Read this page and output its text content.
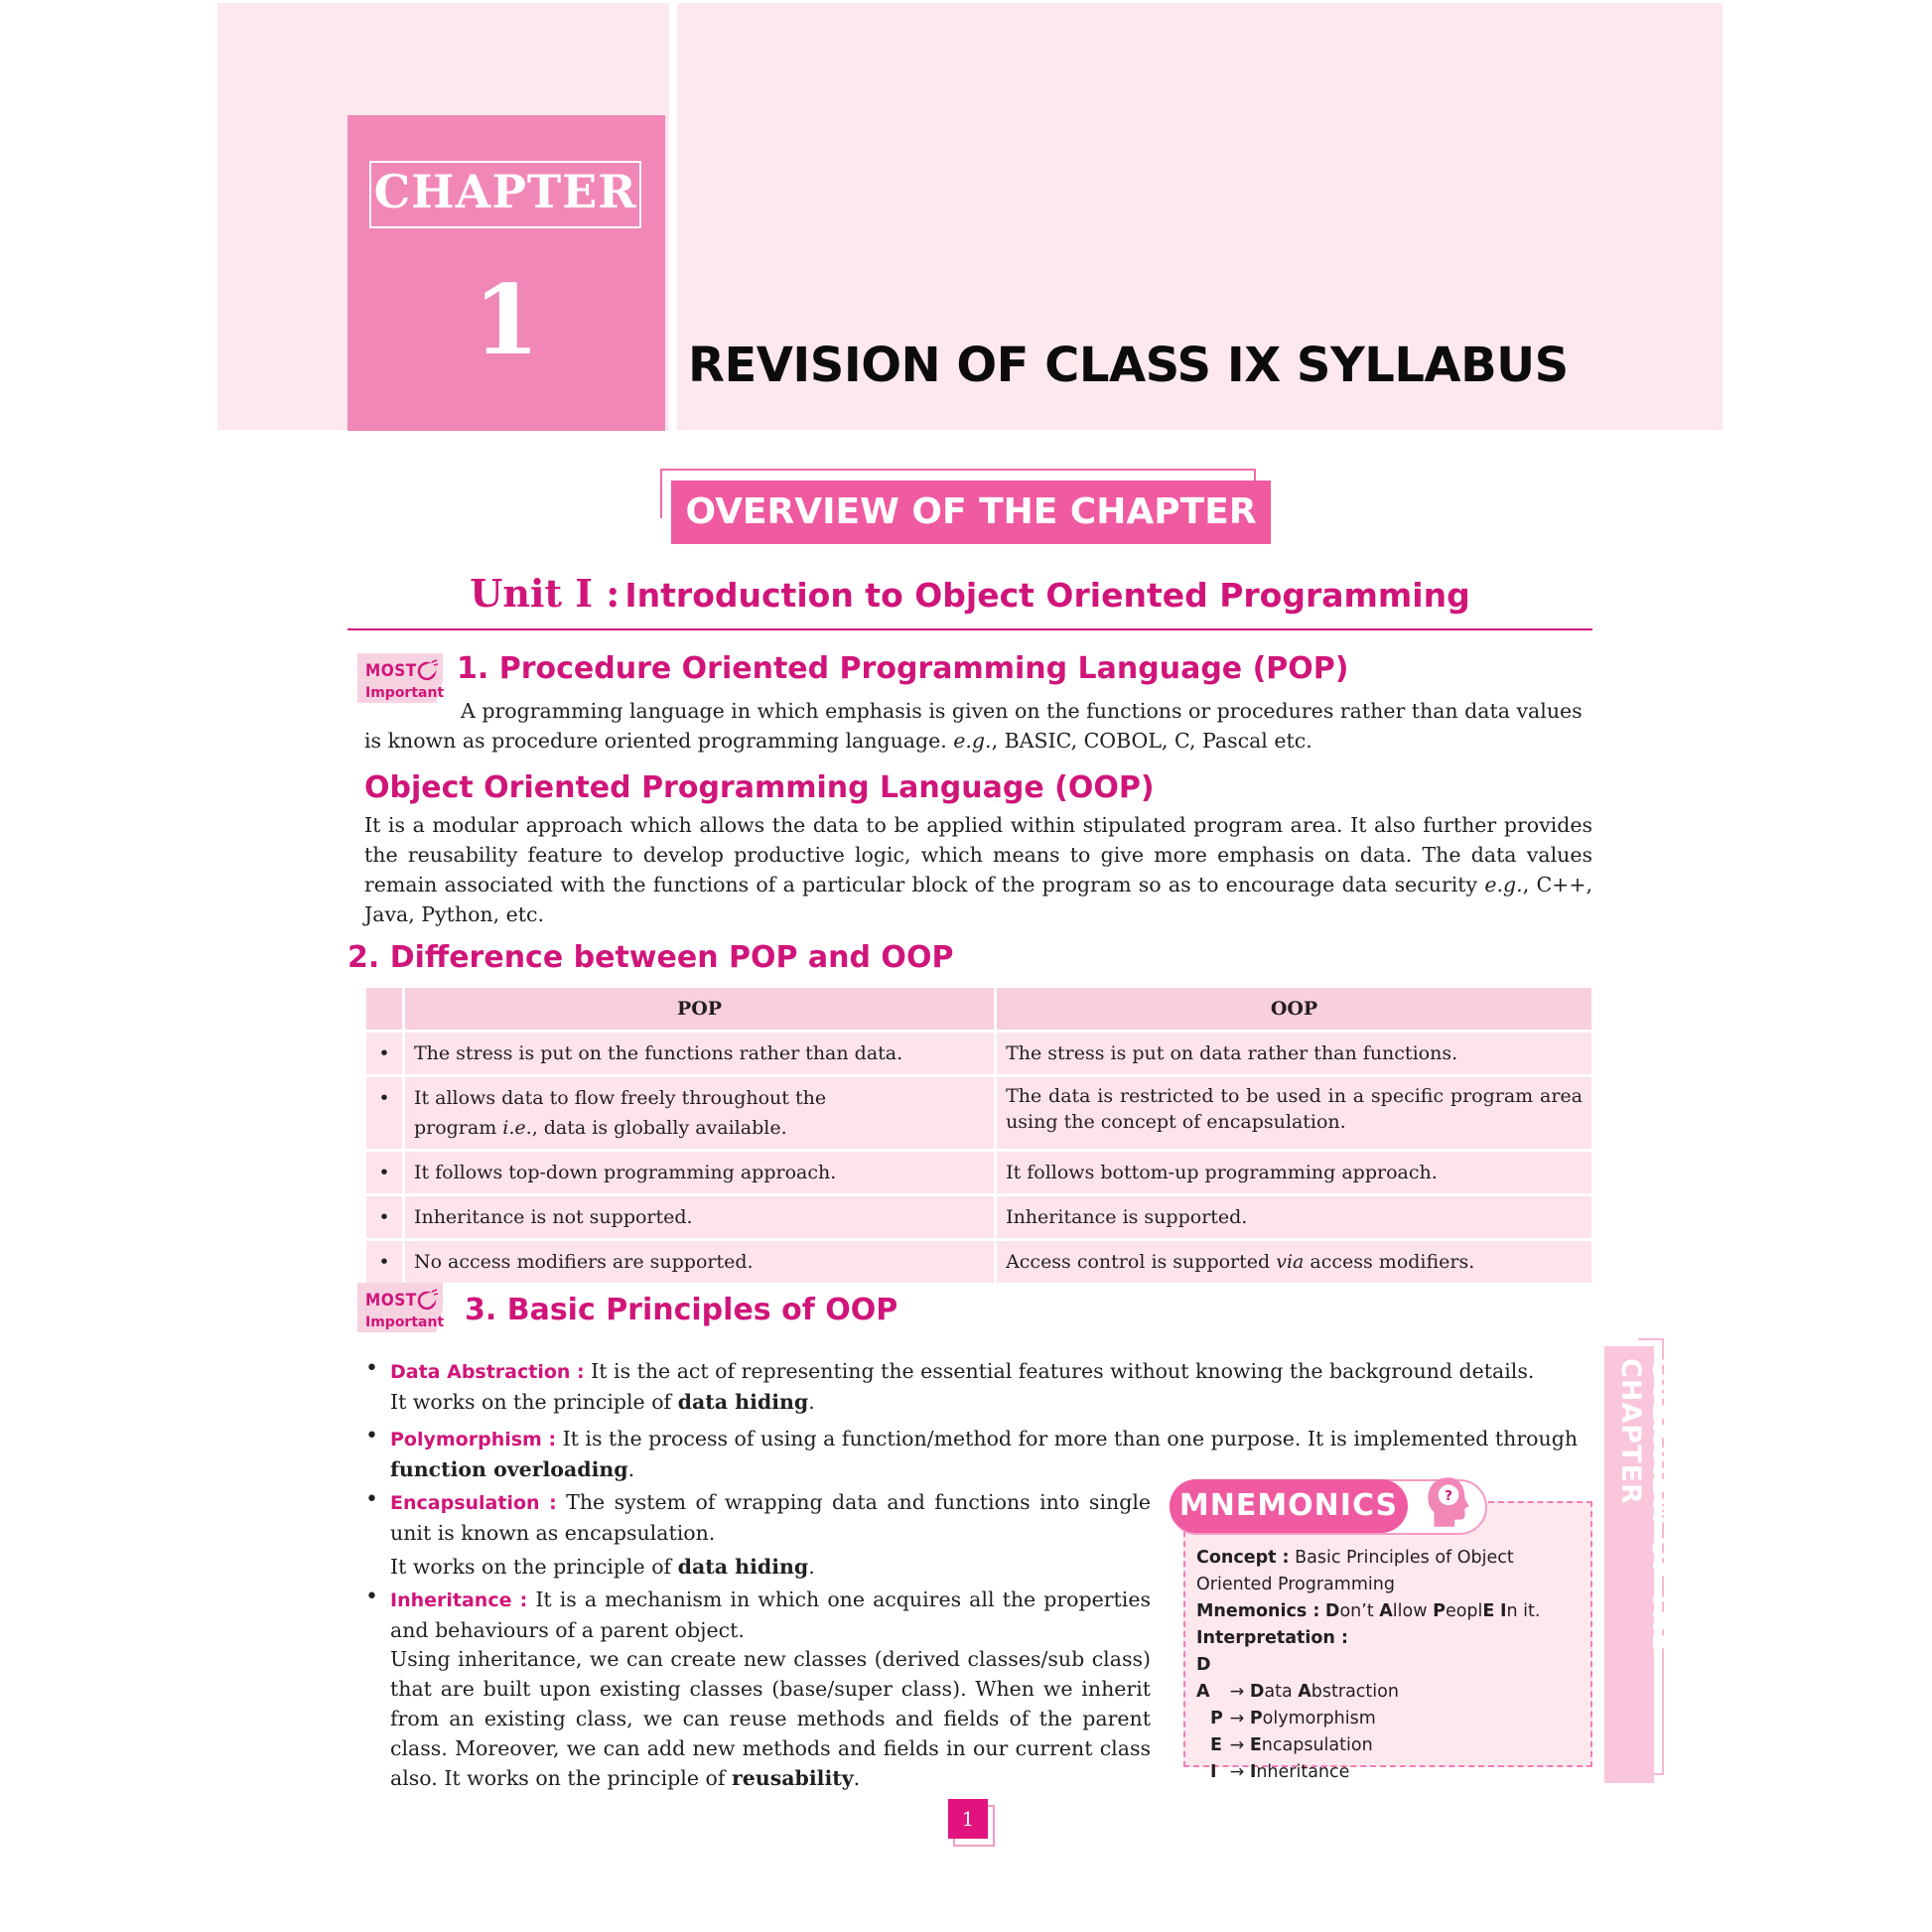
CHAPTER
1	REVISION OF CLASS IX SYLLABUS
OVERVIEW OF THE CHAPTER
Unit I : Introduction to Object Oriented Programming
MOST
Important
1. Procedure Oriented Programming Language (POP)
A programming language in which emphasis is given on the functions or procedures rather than data values
is known as procedure oriented programming language. e.g., BASIC, COBOL, C, Pascal etc.
Object Oriented Programming Language (OOP)
It is a modular approach which allows the data to be applied within stipulated program area. It also further provides the reusability feature to develop productive logic, which means to give more emphasis on data. The data values remain associated with the functions of a particular block of the program so as to encourage data security e.g., C++, Java, Python, etc.
2. Difference between POP and OOP
	POP	OOP
•	The stress is put on the functions rather than data.	The stress is put on data rather than functions.
•	It allows data to flow freely throughout the program i.e., data is globally available.	The data is restricted to be used in a specific program area using the concept of encapsulation.
•	It follows top-down programming approach.	It follows bottom-up programming approach.
•	Inheritance is not supported.	Inheritance is supported.
•	No access modifiers are supported.	Access control is supported via access modifiers.
MOST
Important 3. Basic Principles of OOP
• Data Abstraction : It is the act of representing the essential features without knowing the background details.
It works on the principle of data hiding.
• Polymorphism : It is the process of using a function/method for more than one purpose. It is implemented through
function overloading.
• Encapsulation : The system of wrapping data and functions into single unit is known as encapsulation.
It works on the principle of data hiding.
• Inheritance : It is a mechanism in which one acquires all the properties and behaviours of a parent object.
Using inheritance, we can create new classes (derived classes/sub class) that are built upon existing classes (base/super class). When we inherit from an existing class, we can reuse methods and fields of the parent class. Moreover, we can add new methods and fields in our current class also. It works on the principle of reusability.
MNEMONICS	?
Concept : Basic Principles of Object Oriented Programming
Mnemonics : Don’t Allow PeoplE In it.
Interpretation :
D A → Data Abstraction
P → Polymorphism
E → Encapsulation
I → Inheritance
OVERVIEW OF THE CHAPTER
1
